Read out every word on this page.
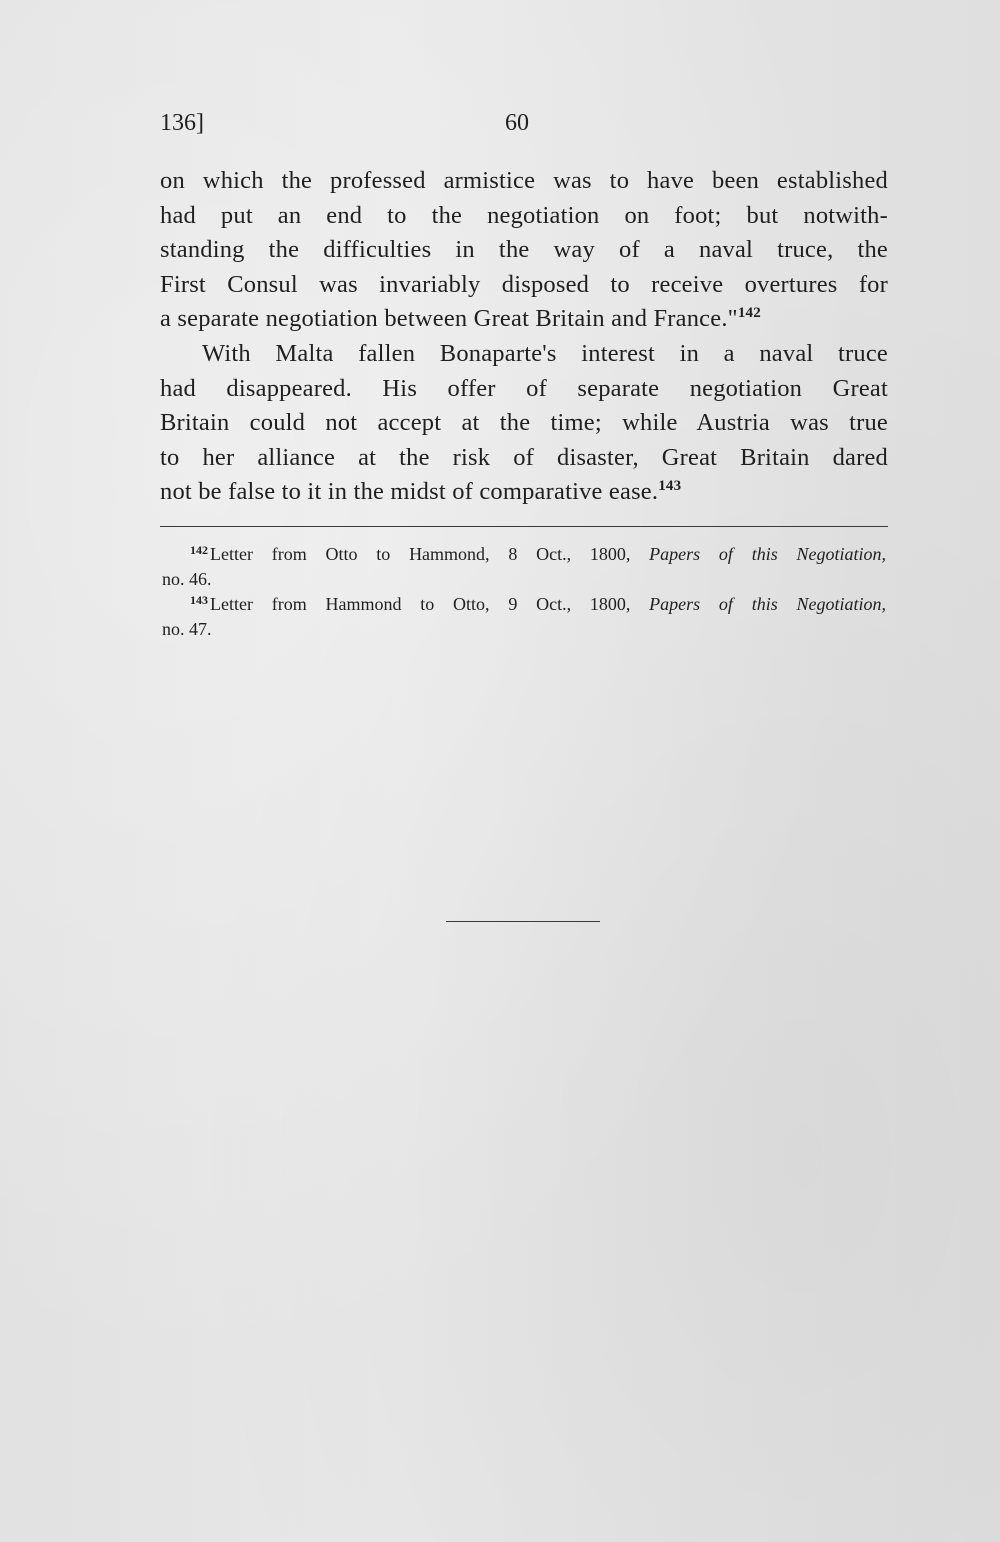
136]	60
on which the professed armistice was to have been established
had put an end to the negotiation on foot; but notwith-
standing the difficulties in the way of a naval truce, the
First Consul was invariably disposed to receive overtures for
a separate negotiation between Great Britain and France."$^{142}$
With Malta fallen Bonaparte's interest in a naval truce
had disappeared. His offer of separate negotiation Great
Britain could not accept at the time; while Austria was true
to her alliance at the risk of disaster, Great Britain dared
not be false to it in the midst of comparative ease.$^{143}$
$^{142}$ Letter from Otto to Hammond, 8 Oct., 1800, Papers of this Negotiation,
no. 46.
$^{143}$ Letter from Hammond to Otto, 9 Oct., 1800, Papers of this Negotiation,
no. 47.
